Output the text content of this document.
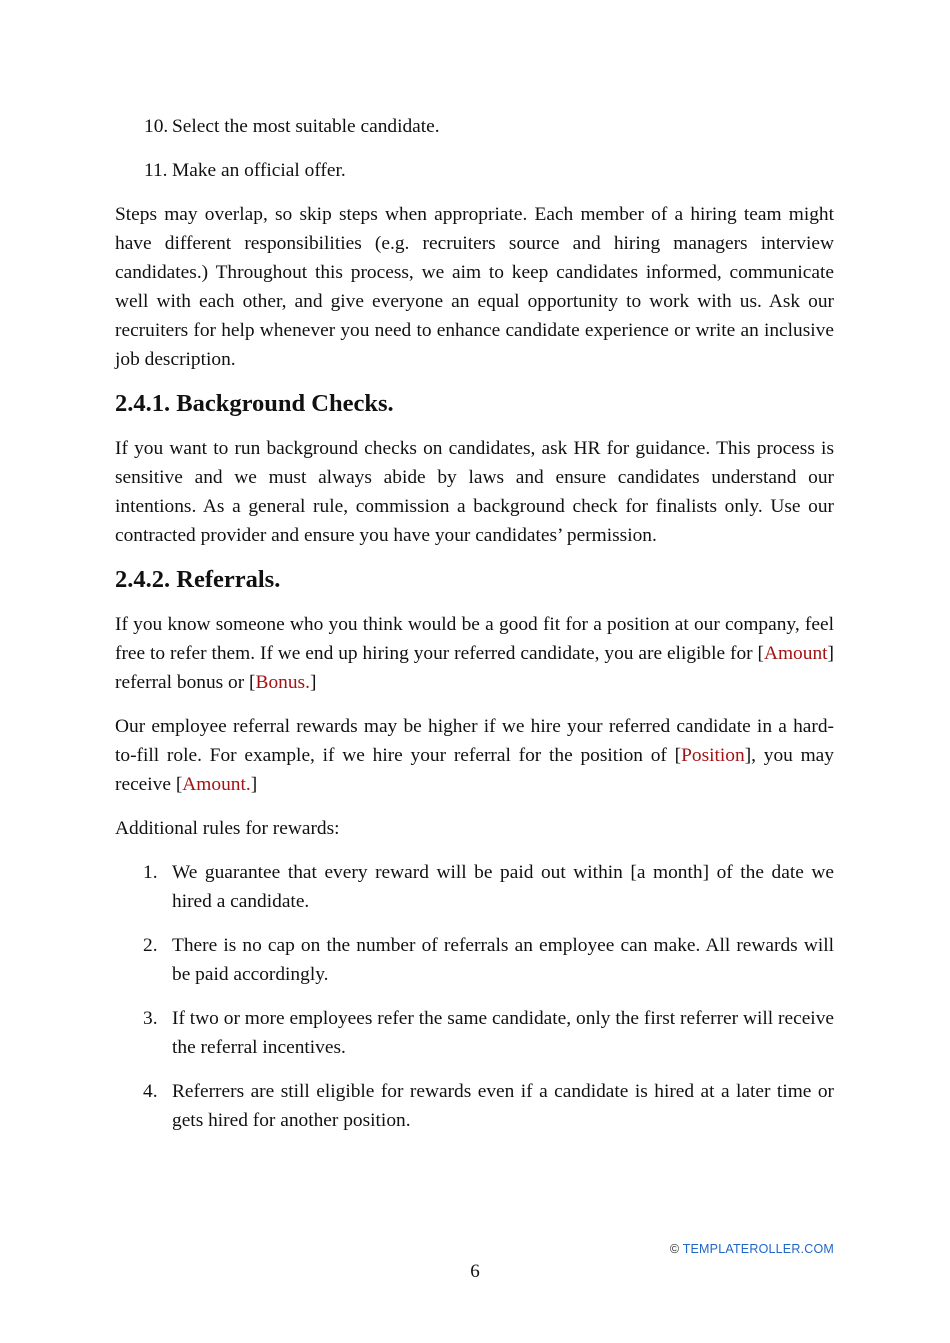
10. Select the most suitable candidate.
11. Make an official offer.

Steps may overlap, so skip steps when appropriate. Each member of a hiring team might have different responsibilities (e.g. recruiters source and hiring managers interview candidates.) Throughout this process, we aim to keep candidates informed, communicate well with each other, and give everyone an equal opportunity to work with us. Ask our recruiters for help whenever you need to enhance candidate experience or write an inclusive job description.

2.4.1. Background Checks.

If you want to run background checks on candidates, ask HR for guidance. This process is sensitive and we must always abide by laws and ensure candidates understand our intentions. As a general rule, commission a background check for finalists only. Use our contracted provider and ensure you have your candidates’ permission.

2.4.2. Referrals.

If you know someone who you think would be a good fit for a position at our company, feel free to refer them. If we end up hiring your referred candidate, you are eligible for [Amount] referral bonus or [Bonus.]

Our employee referral rewards may be higher if we hire your referred candidate in a hard-to-fill role. For example, if we hire your referral for the position of [Position], you may receive [Amount.]

Additional rules for rewards:

1. We guarantee that every reward will be paid out within [a month] of the date we hired a candidate.
2. There is no cap on the number of referrals an employee can make. All rewards will be paid accordingly.
3. If two or more employees refer the same candidate, only the first referrer will receive the referral incentives.
4. Referrers are still eligible for rewards even if a candidate is hired at a later time or gets hired for another position.
© TEMPLATEROLLER.COM
6
